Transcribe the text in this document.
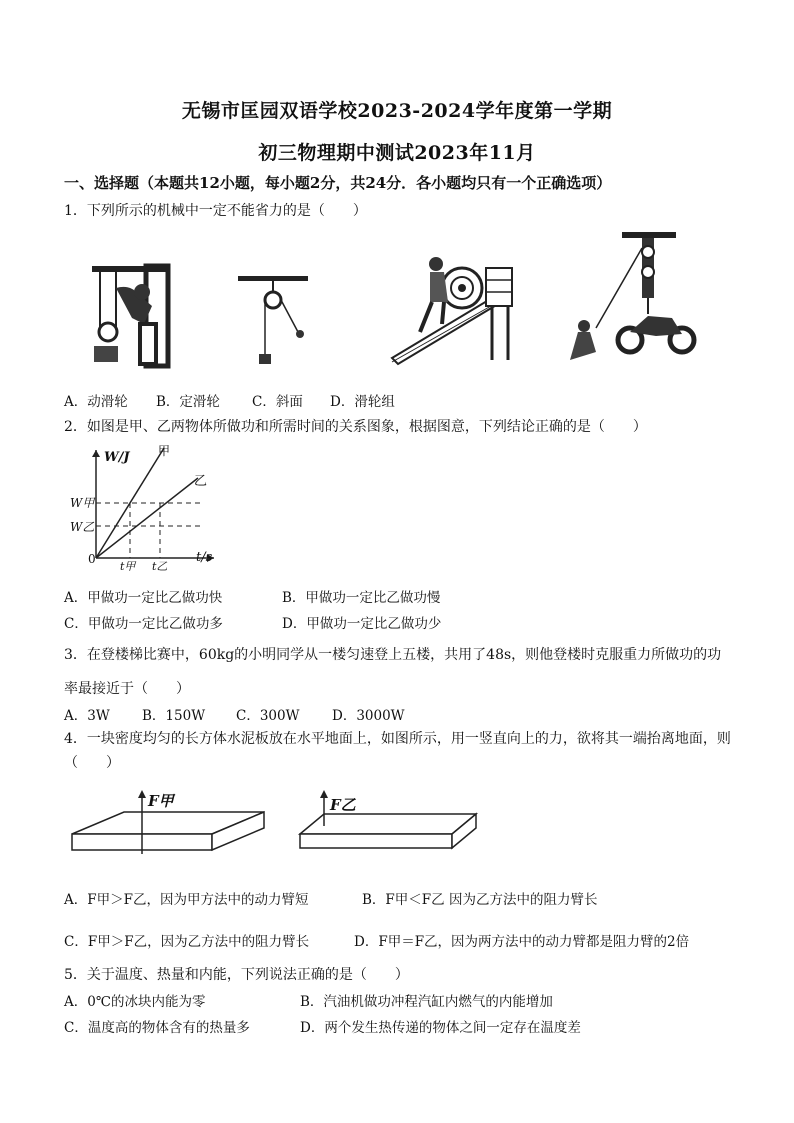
无锡市匡园双语学校2023-2024学年度第一学期
初三物理期中测试2023年11月
一、选择题（本题共12小题，每小题2分，共24分．各小题均只有一个正确选项）
1．下列所示的机械中一定不能省力的是（　　）
A．动滑轮 B．定滑轮 C．斜面 D．滑轮组
2．如图是甲、乙两物体所做功和所需时间的关系图象，根据图意，下列结论正确的是（　　）
W/J
t/s
0
甲
乙
W甲
W乙
t甲 t乙
A．甲做功一定比乙做功快	B．甲做功一定比乙做功慢
C．甲做功一定比乙做功多	D．甲做功一定比乙做功少
3．在登楼梯比赛中，60kg的小明同学从一楼匀速登上五楼，共用了48s，则他登楼时克服重力所做功的功
率最接近于（　　）
A．3W B．150W C．300W D．3000W
4．一块密度均匀的长方体水泥板放在水平地面上，如图所示，用一竖直向上的力，欲将其一端抬离地面，则
（　　）
F甲	F乙
A．F甲＞F乙，因为甲方法中的动力臂短	B．F甲＜F乙 因为乙方法中的阻力臂长
C．F甲＞F乙，因为乙方法中的阻力臂长	D．F甲＝F乙，因为两方法中的动力臂都是阻力臂的2倍
5．关于温度、热量和内能，下列说法正确的是（　　）
A．0℃的冰块内能为零	B．汽油机做功冲程汽缸内燃气的内能增加
C．温度高的物体含有的热量多	D．两个发生热传递的物体之间一定存在温度差
